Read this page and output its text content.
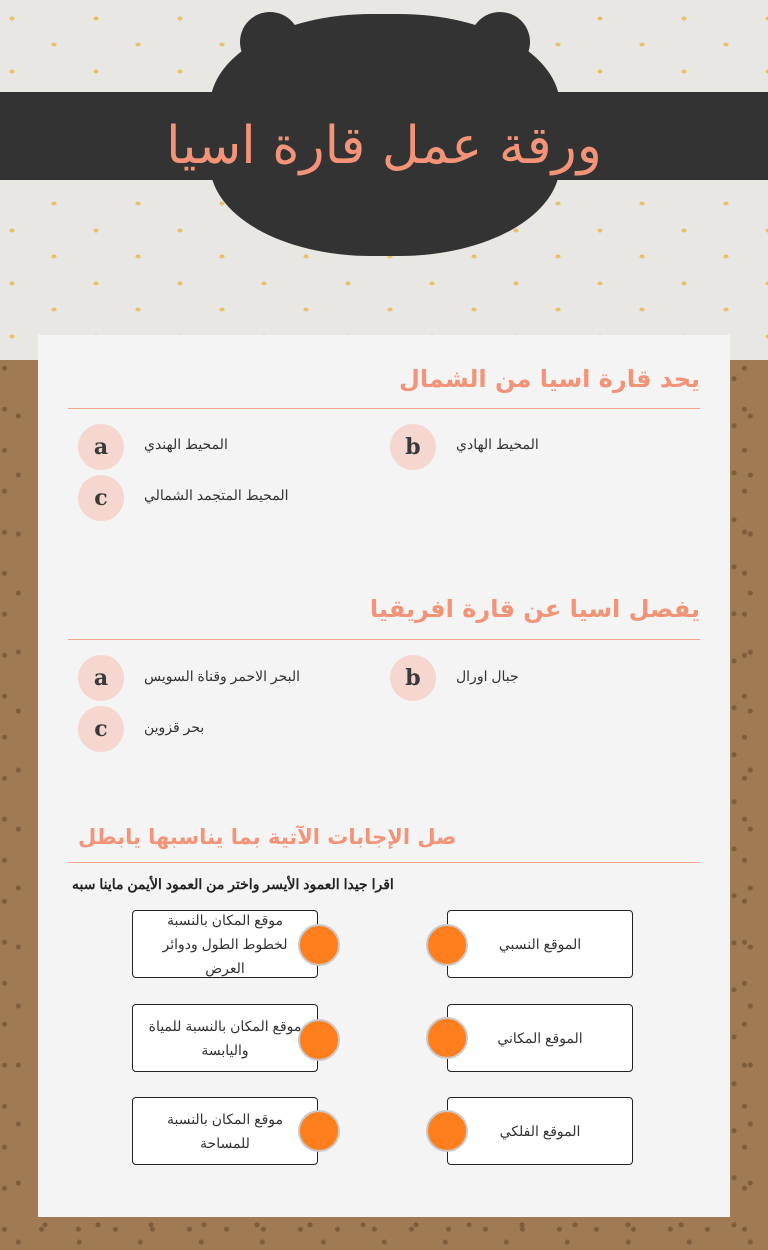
ورقة عمل قارة اسيا
يحد قارة اسيا من الشمال
a	المحيط الهندي	b	المحيط الهادي
c	المحيط المتجمد الشمالي
يفصل اسيا عن قارة افريقيا
a	البحر الاحمر وقناة السويس	b	جبال اورال
c	بحر قزوين
صل الإجابات الآتية بما يناسبها يابطل
اقرا جيدا العمود الأيسر واختر من العمود الأيمن ماينا سبه
موقع المكان بالنسبة لخطوط الطول ودوائر العرض
موقع المكان بالنسبة للمياة واليابسة
موقع المكان بالنسبة للمساحة
الموقع النسبي
الموقع المكاني
الموقع الفلكي
